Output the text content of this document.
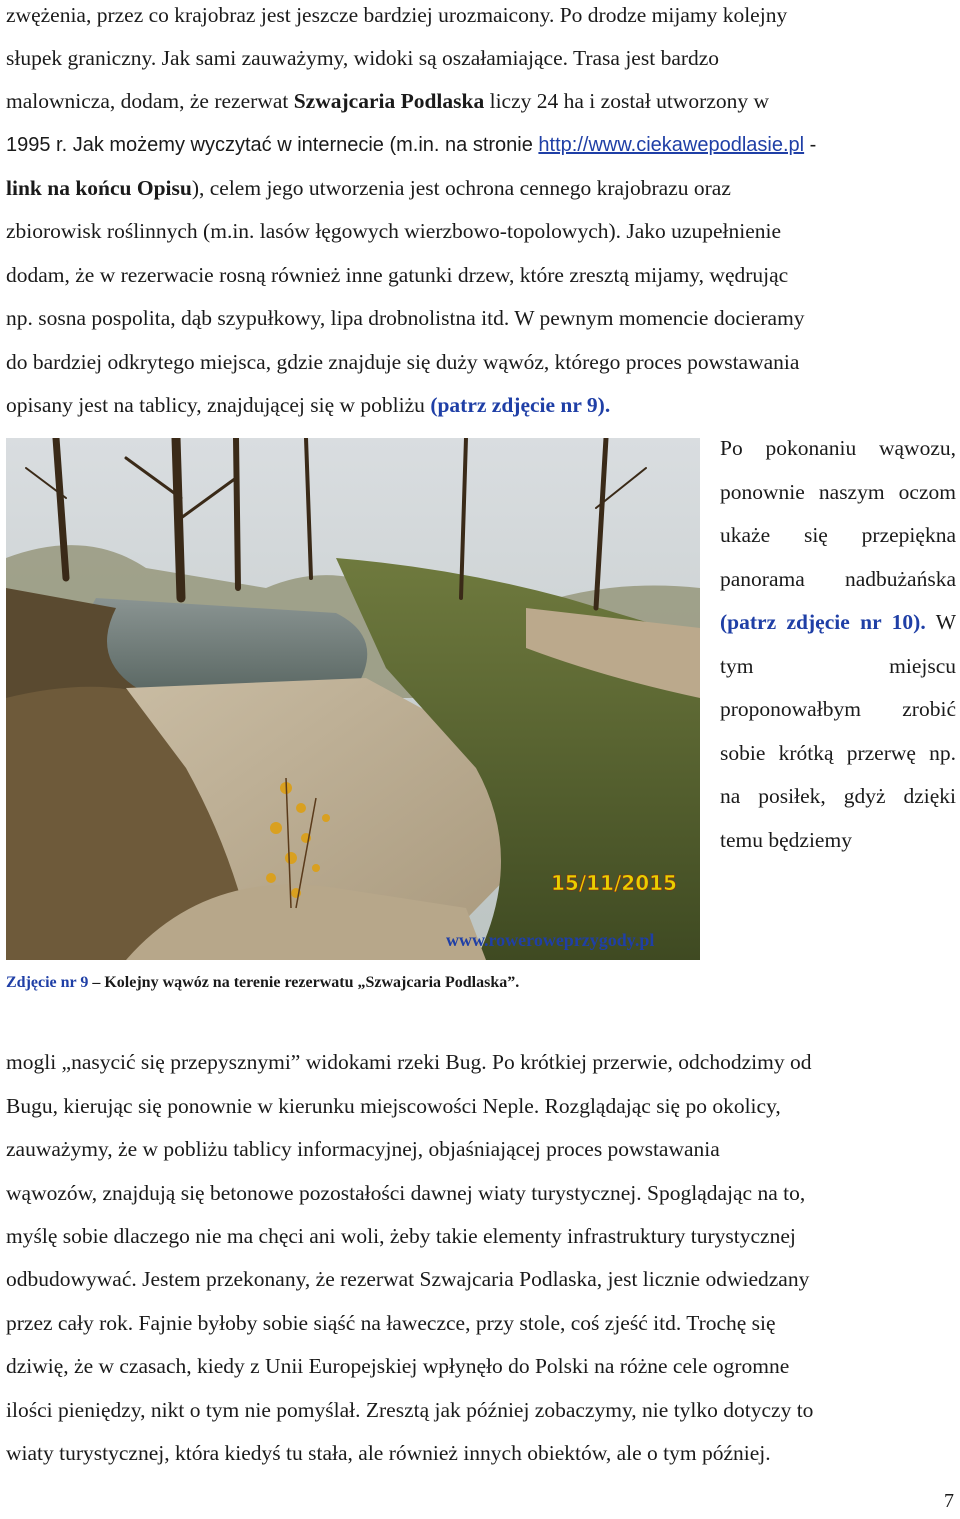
zwężenia, przez co krajobraz jest jeszcze bardziej urozmaicony. Po drodze mijamy kolejny

słupek graniczny. Jak sami zauważymy, widoki są oszałamiające. Trasa jest bardzo

malownicza, dodam, że rezerwat Szwajcaria Podlaska liczy 24 ha i został utworzony w

1995 r. Jak możemy wyczytać w internecie (m.in. na stronie http://www.ciekawepodlasie.pl -

link na końcu Opisu), celem jego utworzenia jest ochrona cennego krajobrazu oraz

zbiorowisk roślinnych (m.in. lasów łęgowych wierzbowo-topolowych). Jako uzupełnienie

dodam, że w rezerwacie rosną również inne gatunki drzew, które zresztą mijamy, wędrując

np. sosna pospolita, dąb szypułkowy, lipa drobnolistna itd. W pewnym momencie docieramy

do bardziej odkrytego miejsca, gdzie znajduje się duży wąwóz, którego proces powstawania

opisany jest na tablicy, znajdującej się w pobliżu (patrz zdjęcie nr 9).

15/11/2015
www.rowerowеprzygody.pl

Po pokonaniu wąwozu, ponownie naszym oczom ukaże się przepiękna panorama nadbużańska (patrz zdjęcie nr 10). W tym miejscu proponowałbym zrobić sobie krótką przerwę np. na posiłek, gdyż dzięki temu będziemy

Zdjęcie nr 9 – Kolejny wąwóz na terenie rezerwatu „Szwajcaria Podlaska”.

mogli „nasycić się przepysznymi” widokami rzeki Bug. Po krótkiej przerwie, odchodzimy od

Bugu, kierując się ponownie w kierunku miejscowości Neple. Rozglądając się po okolicy,

zauważymy, że w pobliżu tablicy informacyjnej, objaśniającej proces powstawania

wąwozów, znajdują się betonowe pozostałości dawnej wiaty turystycznej. Spoglądając na to,

myślę sobie dlaczego nie ma chęci ani woli, żeby takie elementy infrastruktury turystycznej

odbudowywać. Jestem przekonany, że rezerwat Szwajcaria Podlaska, jest licznie odwiedzany

przez cały rok. Fajnie byłoby sobie siąść na ławeczce, przy stole, coś zjeść itd. Trochę się

dziwię, że w czasach, kiedy z Unii Europejskiej wpłynęło do Polski na różne cele ogromne

ilości pieniędzy, nikt o tym nie pomyślał. Zresztą jak później zobaczymy, nie tylko dotyczy to

wiaty turystycznej, która kiedyś tu stała, ale również innych obiektów, ale o tym później.

7
